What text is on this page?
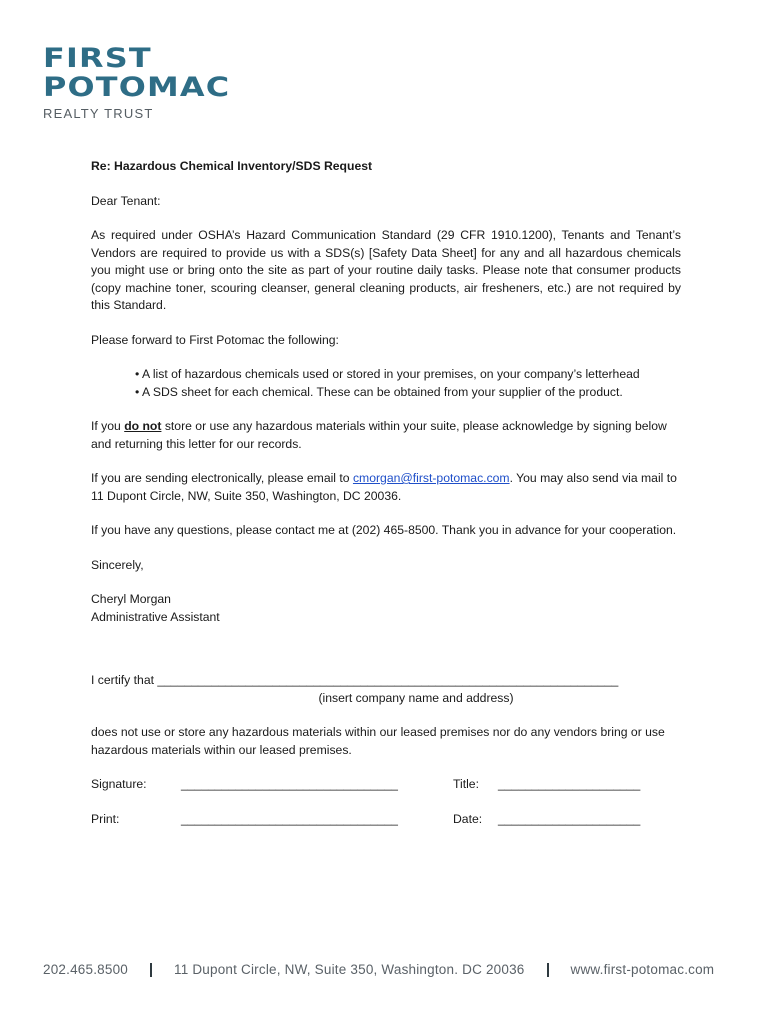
FIRST
POTOMAC
REALTY TRUST
Re: Hazardous Chemical Inventory/SDS Request

Dear Tenant:

As required under OSHA’s Hazard Communication Standard (29 CFR 1910.1200), Tenants and Tenant’s Vendors are required to provide us with a SDS(s) [Safety Data Sheet] for any and all hazardous chemicals you might use or bring onto the site as part of your routine daily tasks. Please note that consumer products (copy machine toner, scouring cleanser, general cleaning products, air fresheners, etc.) are not required by this Standard.

Please forward to First Potomac the following:

• A list of hazardous chemicals used or stored in your premises, on your company’s letterhead
• A SDS sheet for each chemical. These can be obtained from your supplier of the product.

If you do not store or use any hazardous materials within your suite, please acknowledge by signing below and returning this letter for our records.

If you are sending electronically, please email to cmorgan@first-potomac.com. You may also send via mail to 11 Dupont Circle, NW, Suite 350, Washington, DC 20036.

If you have any questions, please contact me at (202) 465-8500. Thank you in advance for your cooperation.

Sincerely,

Cheryl Morgan
Administrative Assistant
I certify that ____________________________________________________________________
(insert company name and address)

does not use or store any hazardous materials within our leased premises nor do any vendors bring or use hazardous materials within our leased premises.

Signature:	________________________________	Title:	_____________________
Print:	________________________________	Date:	_____________________
202.465.8500	11 Dupont Circle, NW, Suite 350, Washington. DC 20036	www.first-potomac.com
